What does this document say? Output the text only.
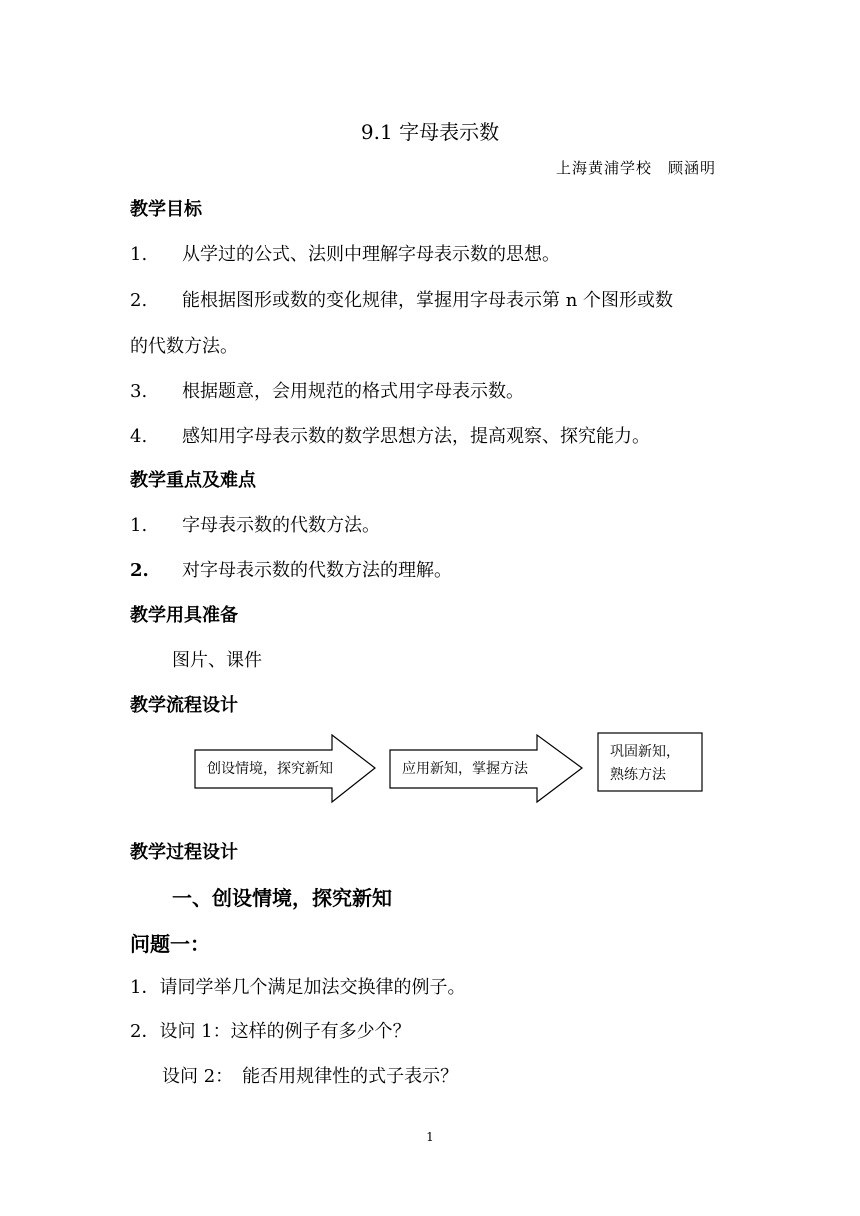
9.1 字母表示数
上海黄浦学校　顾涵明
教学目标
1. 从学过的公式、法则中理解字母表示数的思想。
2. 能根据图形或数的变化规律，掌握用字母表示第 n 个图形或数
的代数方法。
3. 根据题意，会用规范的格式用字母表示数。
4. 感知用字母表示数的数学思想方法，提高观察、探究能力。
教学重点及难点
1. 字母表示数的代数方法。
2. 对字母表示数的代数方法的理解。
教学用具准备
图片、课件
教学流程设计
创设情境，探究新知	应用新知，掌握方法
巩固新知，
熟练方法
教学过程设计
一、创设情境，探究新知
问题一：
1．请同学举几个满足加法交换律的例子。
2．设问 1：这样的例子有多少个？
设问 2：　能否用规律性的式子表示？
1
